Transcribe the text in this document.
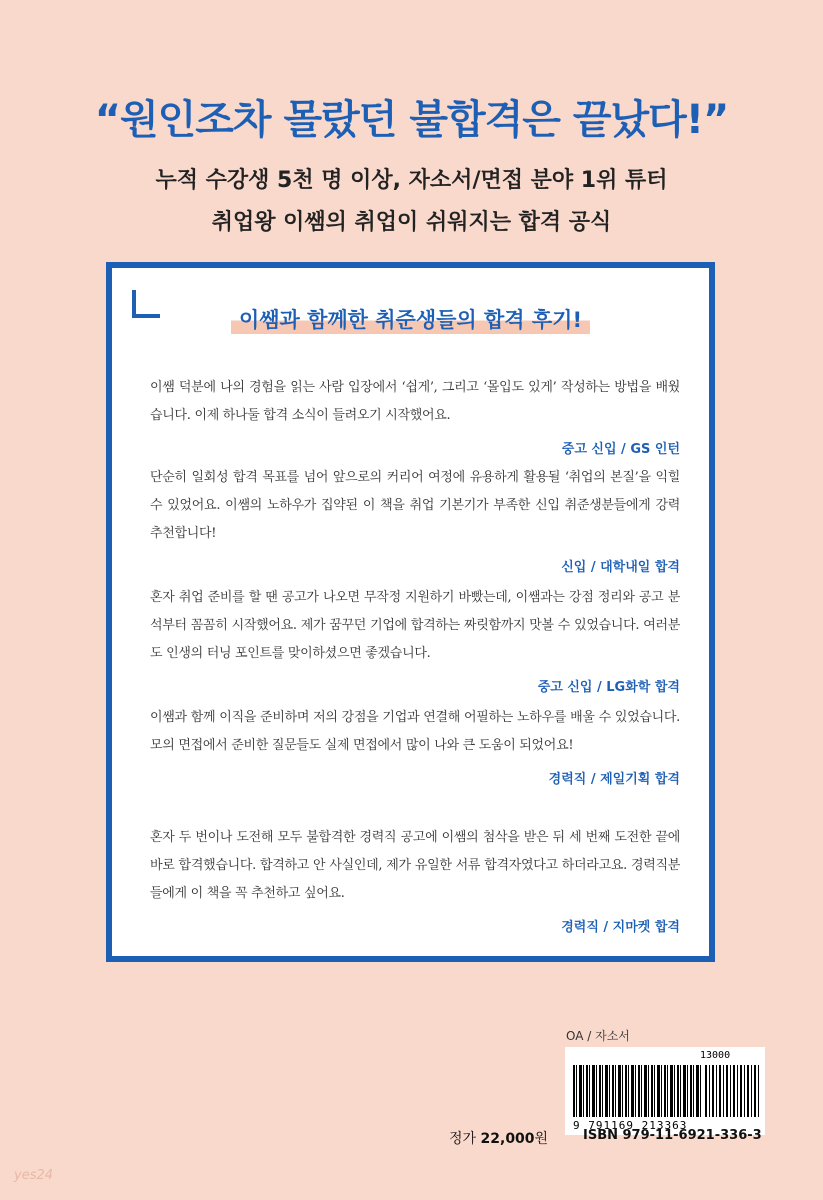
“원인조차 몰랐던 불합격은 끝났다!”
누적 수강생 5천 명 이상, 자소서/면접 분야 1위 튜터
취업왕 이쌤의 취업이 쉬워지는 합격 공식
이쌤과 함께한 취준생들의 합격 후기!
이쌤 덕분에 나의 경험을 읽는 사람 입장에서 ‘쉽게’, 그리고 ‘몰입도 있게’ 작성하는 방법을 배웠습니다. 이제 하나둘 합격 소식이 들려오기 시작했어요.
중고 신입 / GS 인턴
단순히 일회성 합격 목표를 넘어 앞으로의 커리어 여정에 유용하게 활용될 ‘취업의 본질’을 익힐 수 있었어요. 이쌤의 노하우가 집약된 이 책을 취업 기본기가 부족한 신입 취준생분들에게 강력 추천합니다!
신입 / 대학내일 합격
혼자 취업 준비를 할 땐 공고가 나오면 무작정 지원하기 바빴는데, 이쌤과는 강점 정리와 공고 분석부터 꼼꼼히 시작했어요. 제가 꿈꾸던 기업에 합격하는 짜릿함까지 맛볼 수 있었습니다. 여러분도 인생의 터닝 포인트를 맞이하셨으면 좋겠습니다.
중고 신입 / LG화학 합격
이쌤과 함께 이직을 준비하며 저의 강점을 기업과 연결해 어필하는 노하우를 배울 수 있었습니다. 모의 면접에서 준비한 질문들도 실제 면접에서 많이 나와 큰 도움이 되었어요!
경력직 / 제일기획 합격
혼자 두 번이나 도전해 모두 불합격한 경력직 공고에 이쌤의 첨삭을 받은 뒤 세 번째 도전한 끝에 바로 합격했습니다. 합격하고 안 사실인데, 제가 유일한 서류 합격자였다고 하더라고요. 경력직분들에게 이 책을 꼭 추천하고 싶어요.
경력직 / 지마켓 합격
OA / 자소서
9 791169 213363
13000
ISBN 979-11-6921-336-3
정가 22,000원
yes24
